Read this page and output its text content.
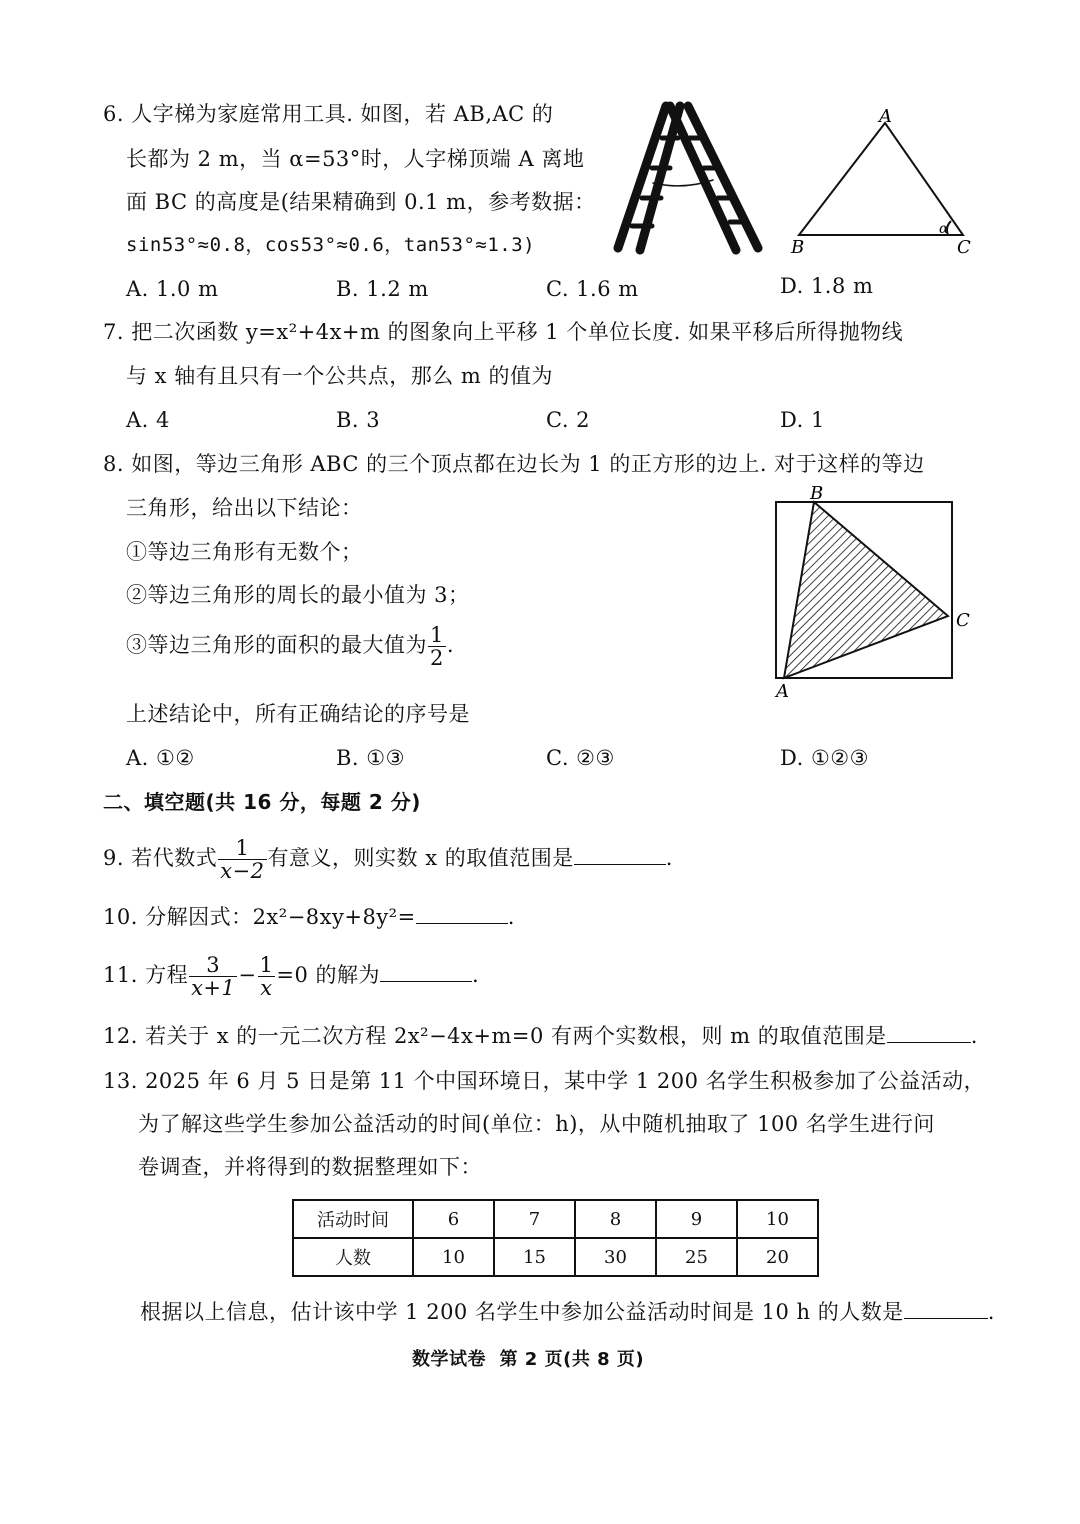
6. 人字梯为家庭常用工具. 如图，若 AB,AC 的
长都为 2 m，当 α=53°时，人字梯顶端 A 离地
面 BC 的高度是(结果精确到 0.1 m，参考数据：
sin53°≈0.8，cos53°≈0.6，tan53°≈1.3)
A. 1.0 m	B. 1.2 m	C. 1.6 m	D. 1.8 m
A
B	C
α
7. 把二次函数 y=x²+4x+m 的图象向上平移 1 个单位长度. 如果平移后所得抛物线
与 x 轴有且只有一个公共点，那么 m 的值为
A. 4	B. 3	C. 2	D. 1
8. 如图，等边三角形 ABC 的三个顶点都在边长为 1 的正方形的边上. 对于这样的等边
三角形，给出以下结论：
①等边三角形有无数个；
②等边三角形的周长的最小值为 3；
③等边三角形的面积的最大值为 $\frac{1}{2}$ .
上述结论中，所有正确结论的序号是
A. ①②	B. ①③	C. ②③	D. ①②③
B
C
A
二、填空题(共 16 分，每题 2 分)
9. 若代数式 $\frac{1}{x-2}$ 有意义，则实数 x 的取值范围是	.
10. 分解因式：2x²−8xy+8y²=	.
11. 方程 $\frac{3}{x+1} - \frac{1}{x} =0$ 的解为	.
12. 若关于 x 的一元二次方程 2x²−4x+m=0 有两个实数根，则 m 的取值范围是	.
13. 2025 年 6 月 5 日是第 11 个中国环境日，某中学 1 200 名学生积极参加了公益活动，
为了解这些学生参加公益活动的时间(单位：h)，从中随机抽取了 100 名学生进行问
卷调查，并将得到的数据整理如下：
活动时间	6	7	8	9	10
人数	10	15	30	25	20
根据以上信息，估计该中学 1 200 名学生中参加公益活动时间是 10 h 的人数是	.
数学试卷  第 2 页(共 8 页)
